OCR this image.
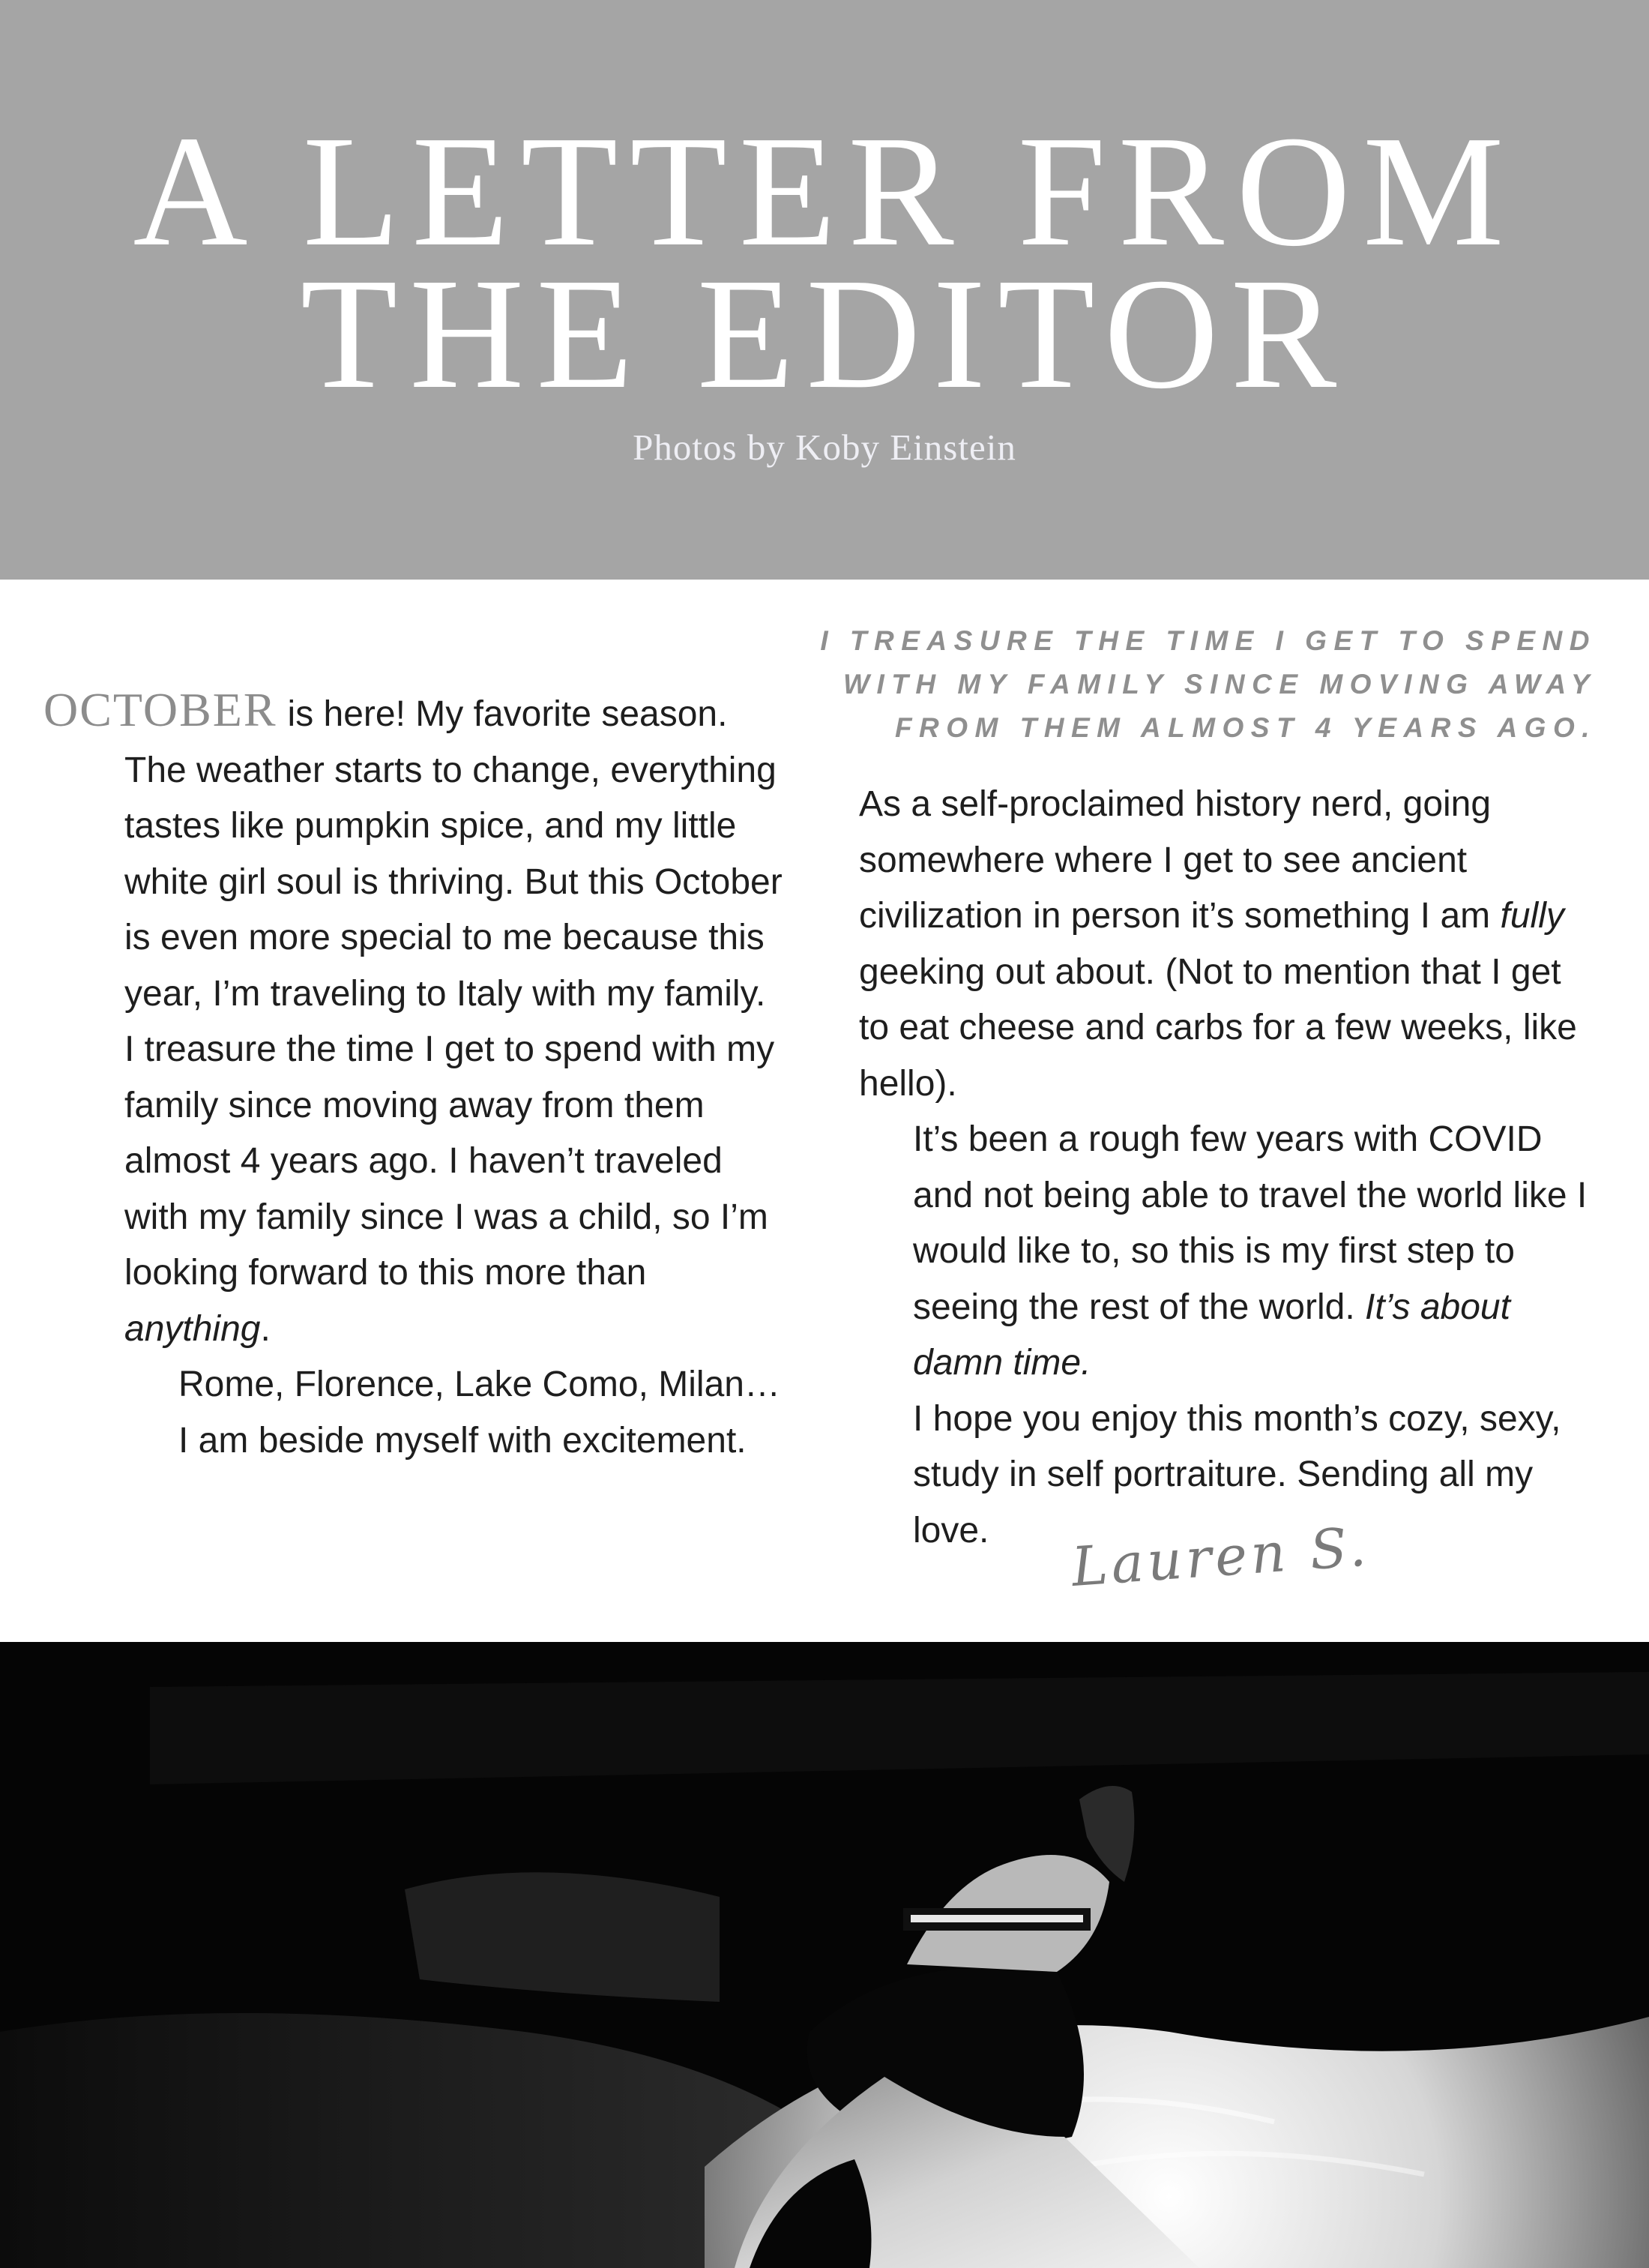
A LETTER FROM
THE EDITOR
Photos by Koby Einstein
I TREASURE THE TIME I GET TO SPEND
WITH MY FAMILY SINCE MOVING AWAY
FROM THEM ALMOST 4 YEARS AGO.
OCTOBER is here! My favorite season. The weather starts to change, everything tastes like pumpkin spice, and my little white girl soul is thriving. But this October is even more special to me because this year, I’m traveling to Italy with my family. I treasure the time I get to spend with my family since moving away from them almost 4 years ago. I haven’t traveled with my family since I was a child, so I’m looking forward to this more than anything.
Rome, Florence, Lake Como, Milan… I am beside myself with excitement.
As a self-proclaimed history nerd, going somewhere where I get to see ancient civilization in person it’s something I am fully geeking out about. (Not to mention that I get to eat cheese and carbs for a few weeks, like hello).
It’s been a rough few years with COVID and not being able to travel the world like I would like to, so this is my first step to seeing the rest of the world. It’s about damn time.
I hope you enjoy this month’s cozy, sexy, study in self portraiture. Sending all my love.	Lauren S.
